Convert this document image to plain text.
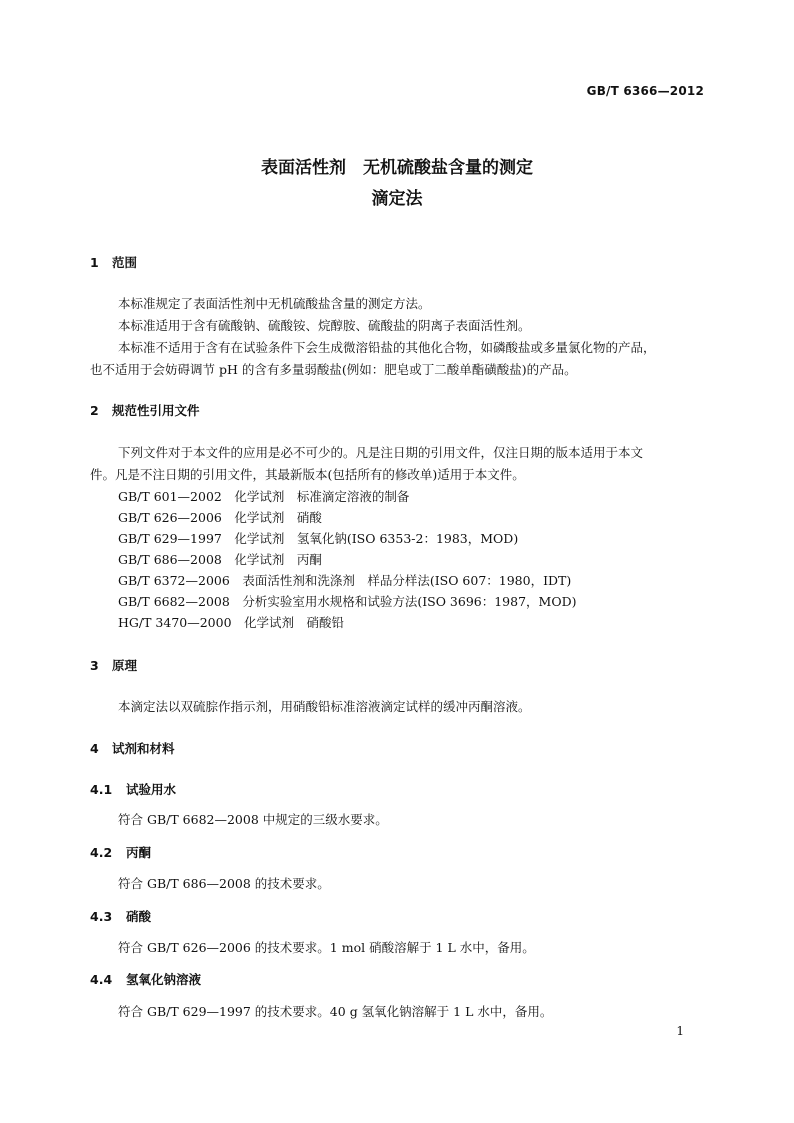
GB/T 6366—2012
表面活性剂　无机硫酸盐含量的测定
滴定法
1 范围
本标准规定了表面活性剂中无机硫酸盐含量的测定方法。
本标准适用于含有硫酸钠、硫酸铵、烷醇胺、硫酸盐的阴离子表面活性剂。
本标准不适用于含有在试验条件下会生成微溶铅盐的其他化合物，如磷酸盐或多量氯化物的产品，
也不适用于会妨碍调节 pH 的含有多量弱酸盐(例如：肥皂或丁二酸单酯磺酸盐)的产品。
2 规范性引用文件
下列文件对于本文件的应用是必不可少的。凡是注日期的引用文件，仅注日期的版本适用于本文
件。凡是不注日期的引用文件，其最新版本(包括所有的修改单)适用于本文件。
GB/T 601—2002　化学试剂　标准滴定溶液的制备
GB/T 626—2006　化学试剂　硝酸
GB/T 629—1997　化学试剂　氢氧化钠(ISO 6353-2：1983，MOD)
GB/T 686—2008　化学试剂　丙酮
GB/T 6372—2006　表面活性剂和洗涤剂　样品分样法(ISO 607：1980，IDT)
GB/T 6682—2008　分析实验室用水规格和试验方法(ISO 3696：1987，MOD)
HG/T 3470—2000　化学试剂　硝酸铅
3 原理
本滴定法以双硫腙作指示剂，用硝酸铅标准溶液滴定试样的缓冲丙酮溶液。
4 试剂和材料
4.1 试验用水
符合 GB/T 6682—2008 中规定的三级水要求。
4.2 丙酮
符合 GB/T 686—2008 的技术要求。
4.3 硝酸
符合 GB/T 626—2006 的技术要求。1 mol 硝酸溶解于 1 L 水中，备用。
4.4 氢氧化钠溶液
符合 GB/T 629—1997 的技术要求。40 g 氢氧化钠溶解于 1 L 水中，备用。
1
